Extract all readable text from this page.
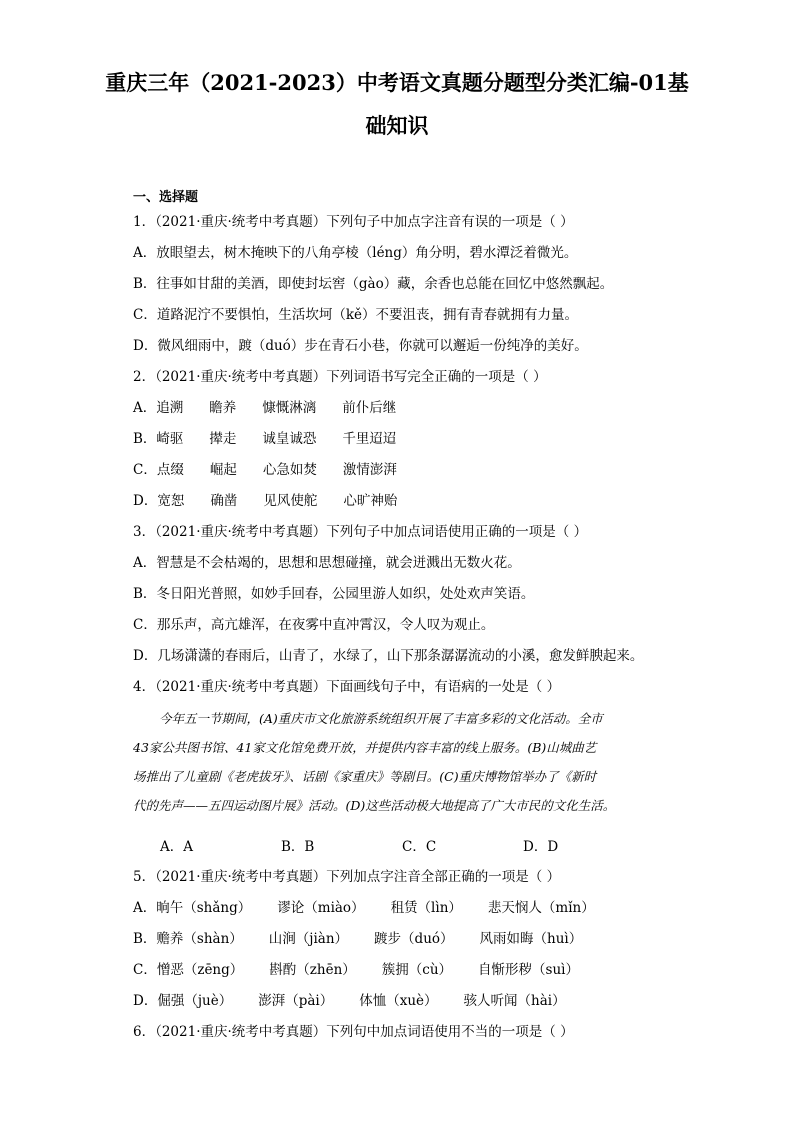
重庆三年（2021-2023）中考语文真题分题型分类汇编-01基
础知识
一、选择题
1．（2021·重庆·统考中考真题）下列句子中加点字注音有误的一项是（ ）
A．放眼望去，树木掩映下的八角亭棱（léng）角分明，碧水潭泛着微光。
B．往事如甘甜的美酒，即使封坛窖（gào）藏，余香也总能在回忆中悠然飘起。
C．道路泥泞不要惧怕，生活坎坷（kě）不要沮丧，拥有青春就拥有力量。
D．微风细雨中，踱（duó）步在青石小巷，你就可以邂逅一份纯净的美好。
2．（2021·重庆·统考中考真题）下列词语书写完全正确的一项是（ ）
A．追溯 瞻养 慷慨淋漓 前仆后继
B．崎驱 撵走 诚皇诚恐 千里迢迢
C．点缀 崛起 心急如焚 激情澎湃
D．宽恕 确凿 见风使舵 心旷神贻
3．（2021·重庆·统考中考真题）下列句子中加点词语使用正确的一项是（ ）
A．智慧是不会枯竭的，思想和思想碰撞，就会迸溅出无数火花。
B．冬日阳光普照，如妙手回春，公园里游人如织，处处欢声笑语。
C．那乐声，高亢雄浑，在夜雾中直冲霄汉，令人叹为观止。
D．几场潇潇的春雨后，山青了，水绿了，山下那条潺潺流动的小溪，愈发鲜腴起来。
4．（2021·重庆·统考中考真题）下面画线句子中，有语病的一处是（ ）
今年五一节期间，(A)重庆市文化旅游系统组织开展了丰富多彩的文化活动。全市
43家公共图书馆、41家文化馆免费开放，并提供内容丰富的线上服务。(B)山城曲艺
场推出了儿童剧《老虎拔牙》、话剧《家重庆》等剧目。(C)重庆博物馆举办了《新时
代的先声——五四运动图片展》活动。(D)这些活动极大地提高了广大市民的文化生活。
A．A	B．B	C．C	D．D
5．（2021·重庆·统考中考真题）下列加点字注音全部正确的一项是（ ）
A．晌午（shǎng） 谬论（miào） 租赁（lìn） 悲天悯人（mǐn）
B．赡养（shàn） 山涧（jiàn） 踱步（duó） 风雨如晦（huì）
C．憎恶（zēng） 斟酌（zhēn） 簇拥（cù） 自惭形秽（suì）
D．倔强（juè） 澎湃（pài） 体恤（xuè） 骇人听闻（hài）
6．（2021·重庆·统考中考真题）下列句中加点词语使用不当的一项是（ ）
